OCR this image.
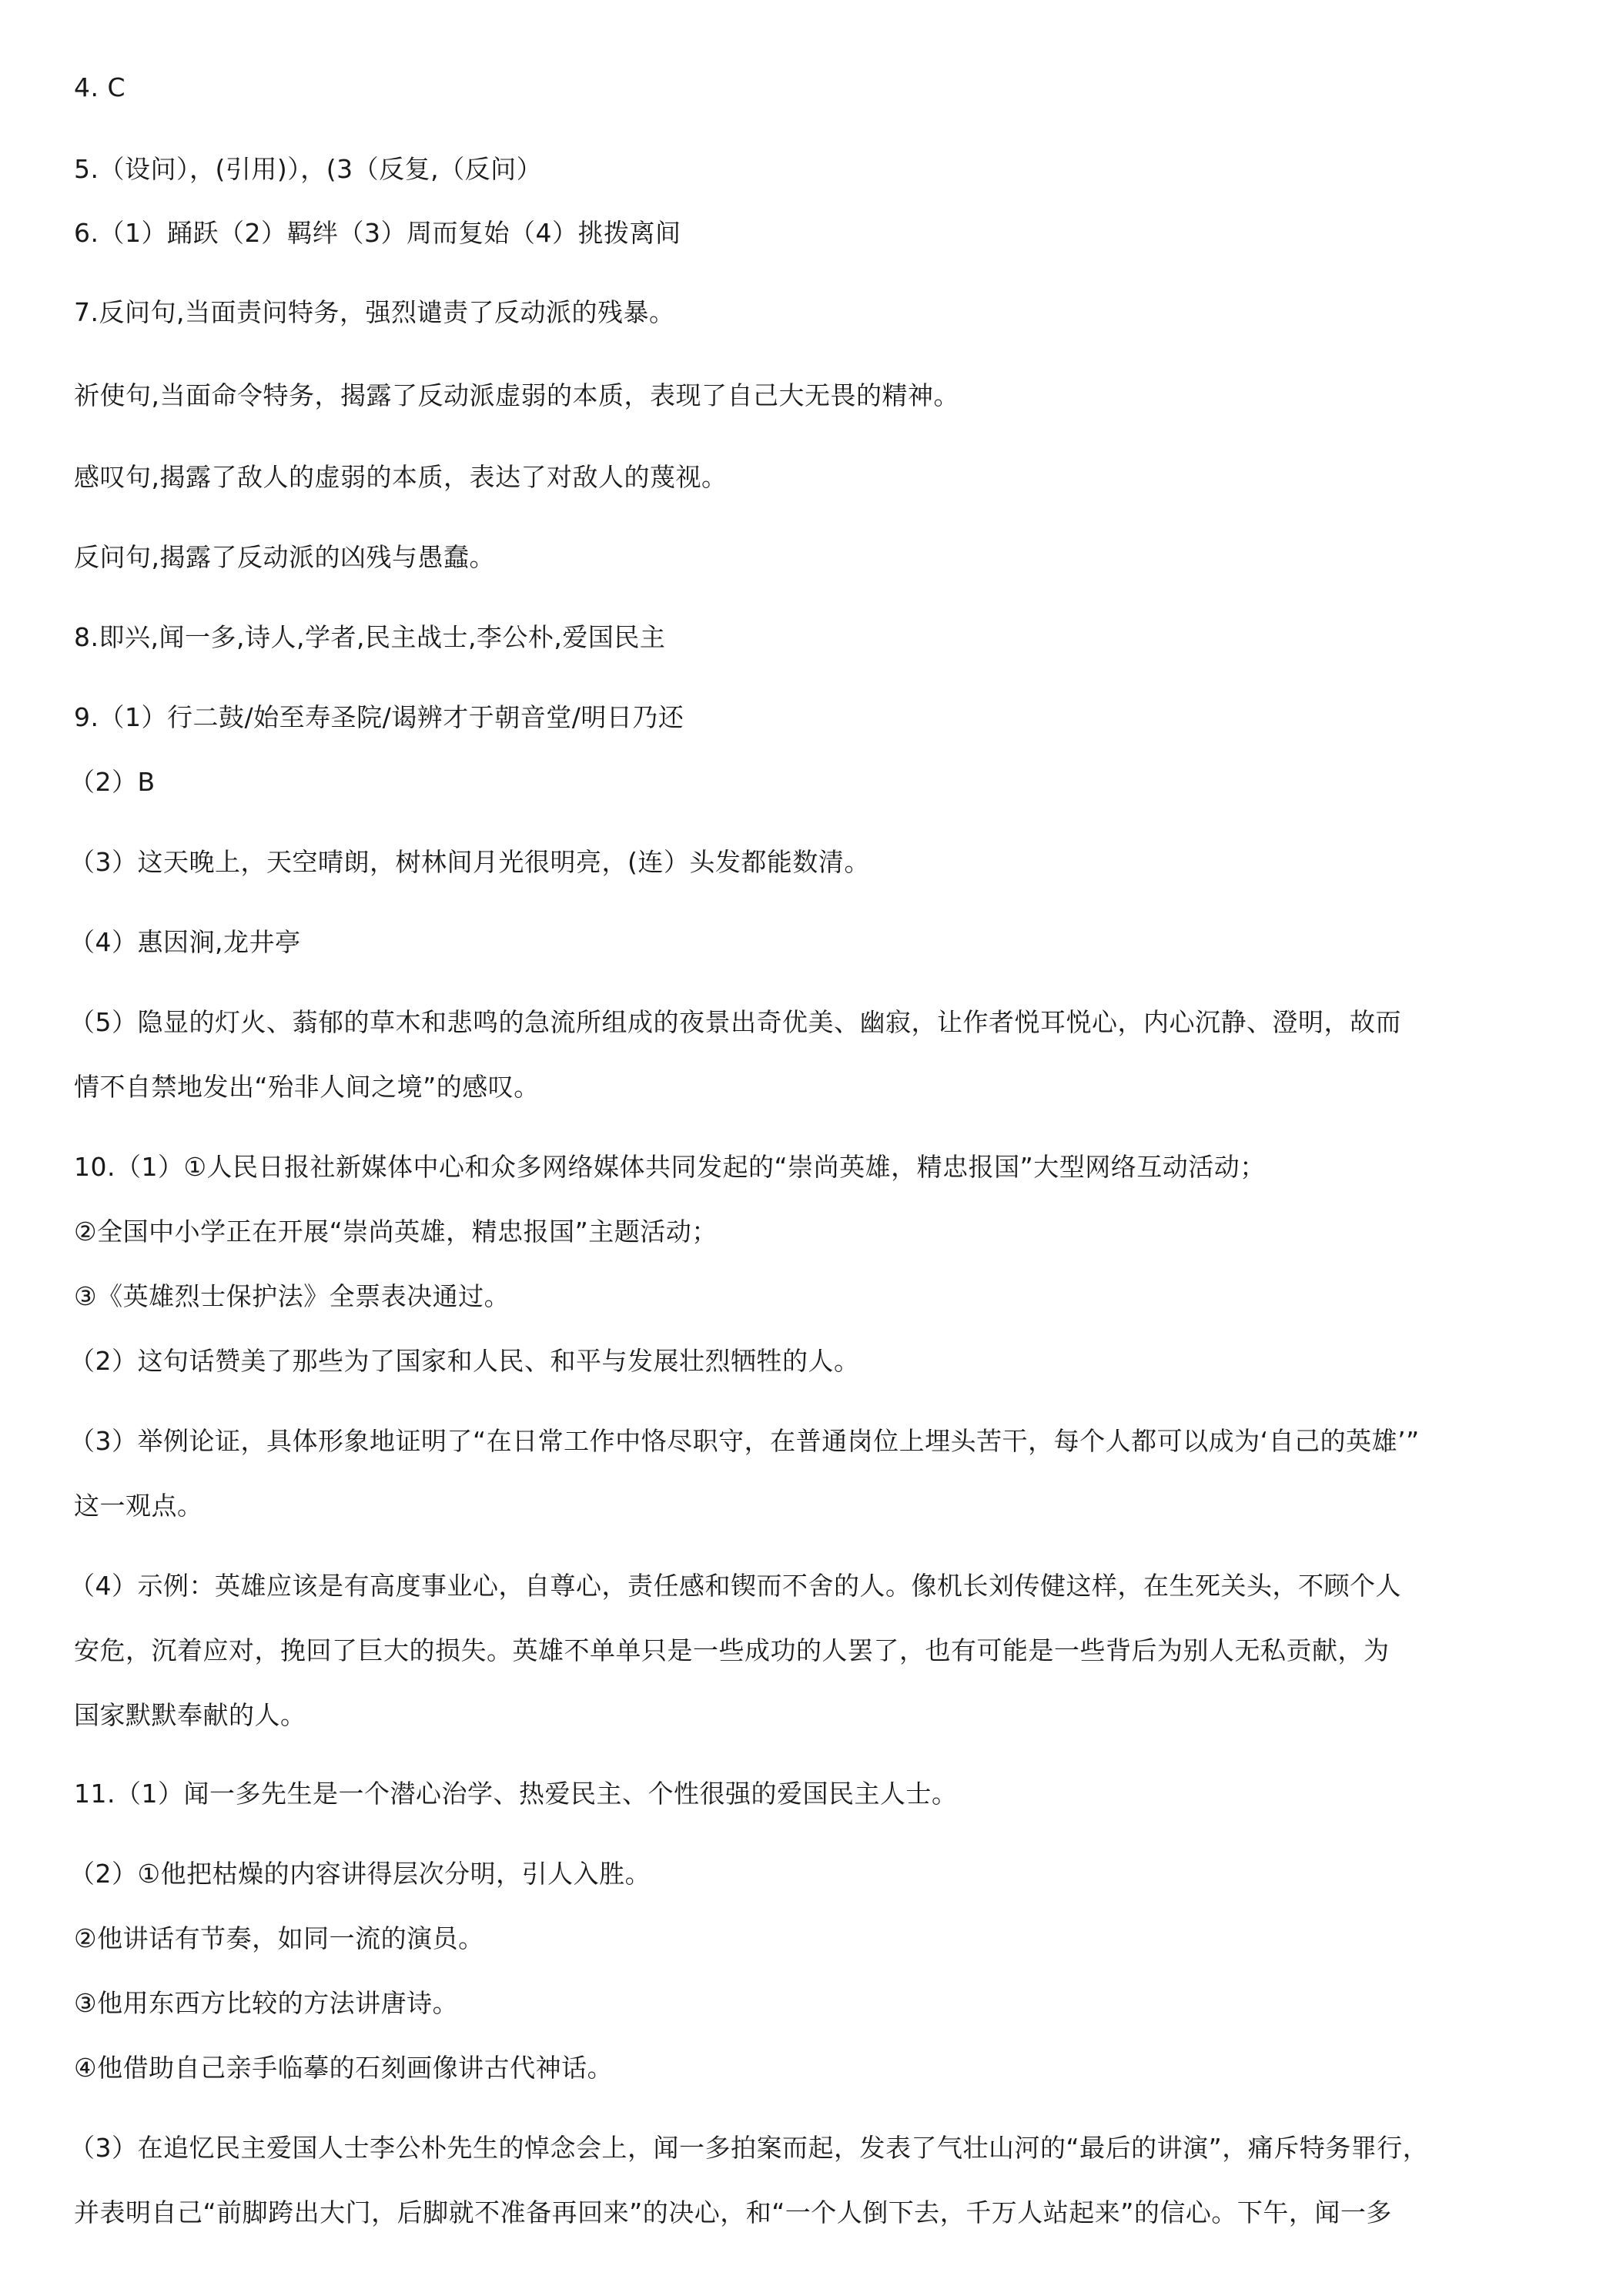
4. C
5.（设问），(引用)），(3（反复,（反问）
6.（1）踊跃（2）羁绊（3）周而复始（4）挑拨离间
7.反问句,当面责问特务，强烈谴责了反动派的残暴。
祈使句,当面命令特务，揭露了反动派虚弱的本质，表现了自己大无畏的精神。
感叹句,揭露了敌人的虚弱的本质，表达了对敌人的蔑视。
反问句,揭露了反动派的凶残与愚蠢。
8.即兴,闻一多,诗人,学者,民主战士,李公朴,爱国民主
9.（1）行二鼓/始至寿圣院/谒辨才于朝音堂/明日乃还
（2）B
（3）这天晚上，天空晴朗，树林间月光很明亮，(连）头发都能数清。
（4）惠因涧,龙井亭
（5）隐显的灯火、蓊郁的草木和悲鸣的急流所组成的夜景出奇优美、幽寂，让作者悦耳悦心，内心沉静、澄明，故而
情不自禁地发出“殆非人间之境”的感叹。
10.（1）①人民日报社新媒体中心和众多网络媒体共同发起的“崇尚英雄，精忠报国”大型网络互动活动；
②全国中小学正在开展“崇尚英雄，精忠报国”主题活动；
③《英雄烈士保护法》全票表决通过。
（2）这句话赞美了那些为了国家和人民、和平与发展壮烈牺牲的人。
（3）举例论证，具体形象地证明了“在日常工作中恪尽职守，在普通岗位上埋头苦干，每个人都可以成为‘自己的英雄’”
这一观点。
（4）示例：英雄应该是有高度事业心，自尊心，责任感和锲而不舍的人。像机长刘传健这样，在生死关头，不顾个人
安危，沉着应对，挽回了巨大的损失。英雄不单单只是一些成功的人罢了，也有可能是一些背后为别人无私贡献，为
国家默默奉献的人。
11.（1）闻一多先生是一个潜心治学、热爱民主、个性很强的爱国民主人士。
（2）①他把枯燥的内容讲得层次分明，引人入胜。
②他讲话有节奏，如同一流的演员。
③他用东西方比较的方法讲唐诗。
④他借助自己亲手临摹的石刻画像讲古代神话。
（3）在追忆民主爱国人士李公朴先生的悼念会上，闻一多拍案而起，发表了气壮山河的“最后的讲演”，痛斥特务罪行，
并表明自己“前脚跨出大门，后脚就不准备再回来”的决心，和“一个人倒下去，千万人站起来”的信心。下午，闻一多
